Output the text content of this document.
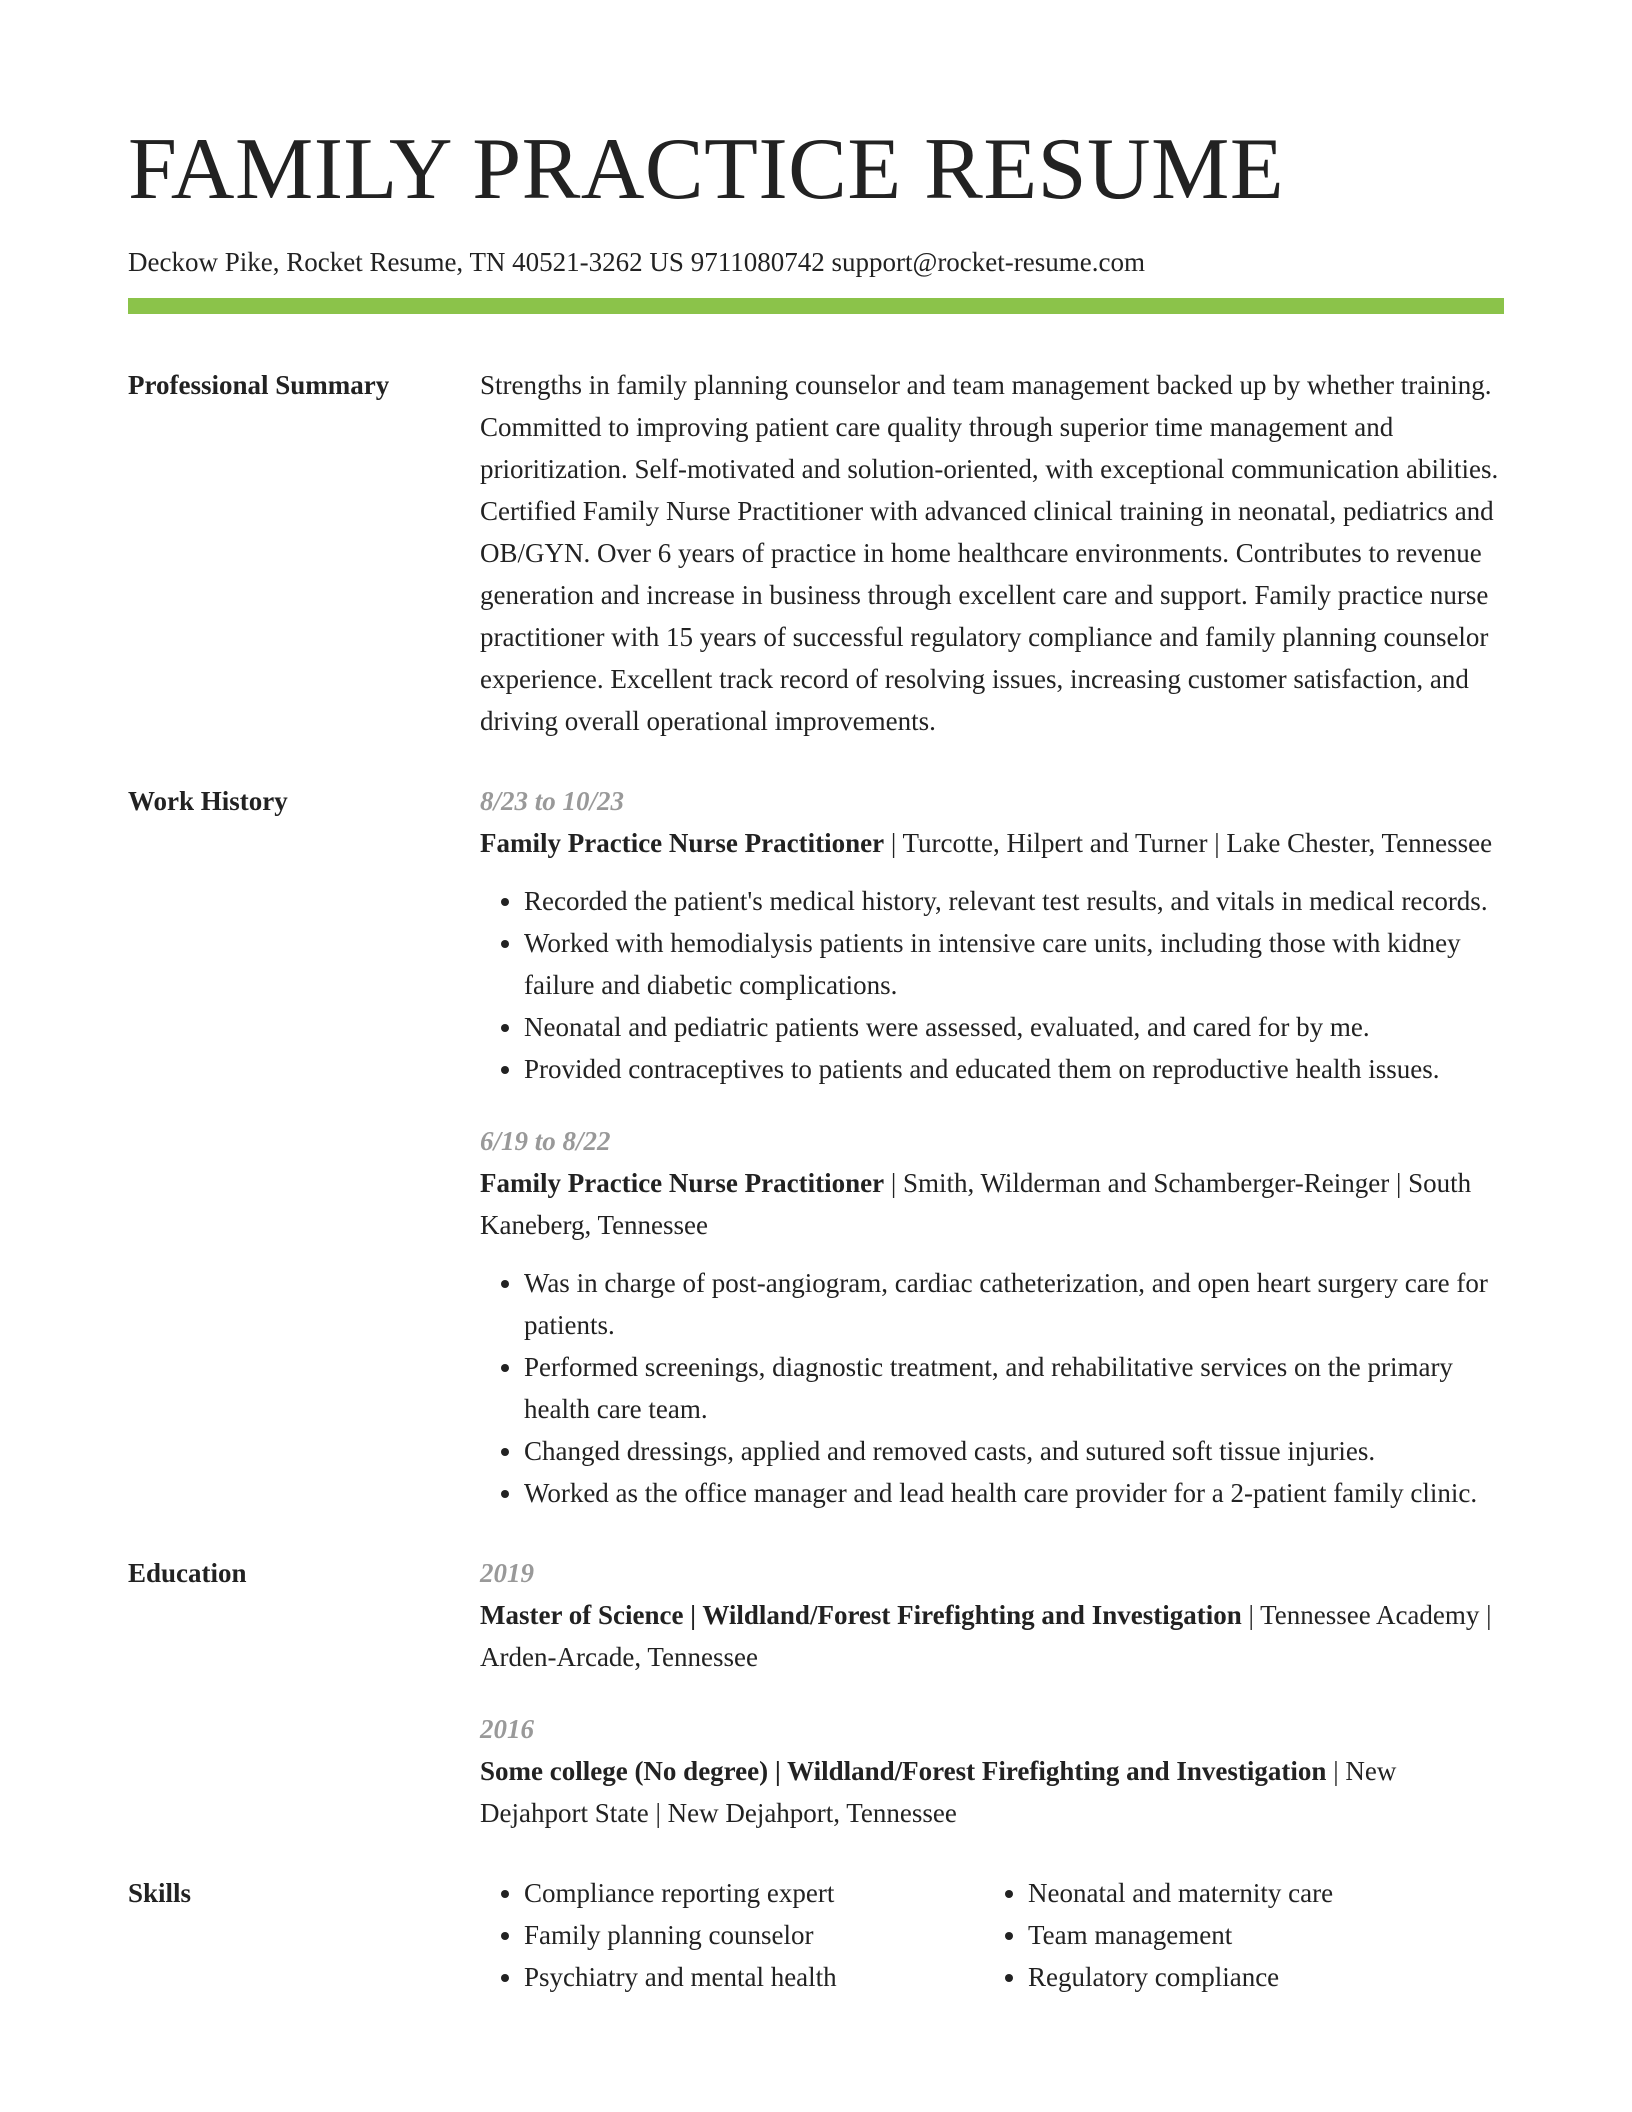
FAMILY PRACTICE RESUME
Deckow Pike, Rocket Resume, TN 40521-3262 US 9711080742 support@rocket-resume.com
Professional Summary	Strengths in family planning counselor and team management backed up by whether training. Committed to improving patient care quality through superior time management and prioritization. Self-motivated and solution-oriented, with exceptional communication abilities. Certified Family Nurse Practitioner with advanced clinical training in neonatal, pediatrics and OB/GYN. Over 6 years of practice in home healthcare environments. Contributes to revenue generation and increase in business through excellent care and support. Family practice nurse practitioner with 15 years of successful regulatory compliance and family planning counselor experience. Excellent track record of resolving issues, increasing customer satisfaction, and driving overall operational improvements.

Work History	8/23 to 10/23

Family Practice Nurse Practitioner | Turcotte, Hilpert and Turner | Lake Chester, Tennessee

• Recorded the patient's medical history, relevant test results, and vitals in medical records.
• Worked with hemodialysis patients in intensive care units, including those with kidney failure and diabetic complications.
• Neonatal and pediatric patients were assessed, evaluated, and cared for by me.
• Provided contraceptives to patients and educated them on reproductive health issues.
6/19 to 8/22

Family Practice Nurse Practitioner | Smith, Wilderman and Schamberger-Reinger | South Kaneberg, Tennessee

• Was in charge of post-angiogram, cardiac catheterization, and open heart surgery care for patients.
• Performed screenings, diagnostic treatment, and rehabilitative services on the primary health care team.
• Changed dressings, applied and removed casts, and sutured soft tissue injuries.
• Worked as the office manager and lead health care provider for a 2-patient family clinic.
Education	2019

Master of Science | Wildland/Forest Firefighting and Investigation | Tennessee Academy | Arden-Arcade, Tennessee

2016

Some college (No degree) | Wildland/Forest Firefighting and Investigation | New Dejahport State | New Dejahport, Tennessee

Skills
•	Compliance reporting expert
• Family planning counselor
• Psychiatry and mental health
• Neonatal and maternity care
• Team management
• Regulatory compliance
